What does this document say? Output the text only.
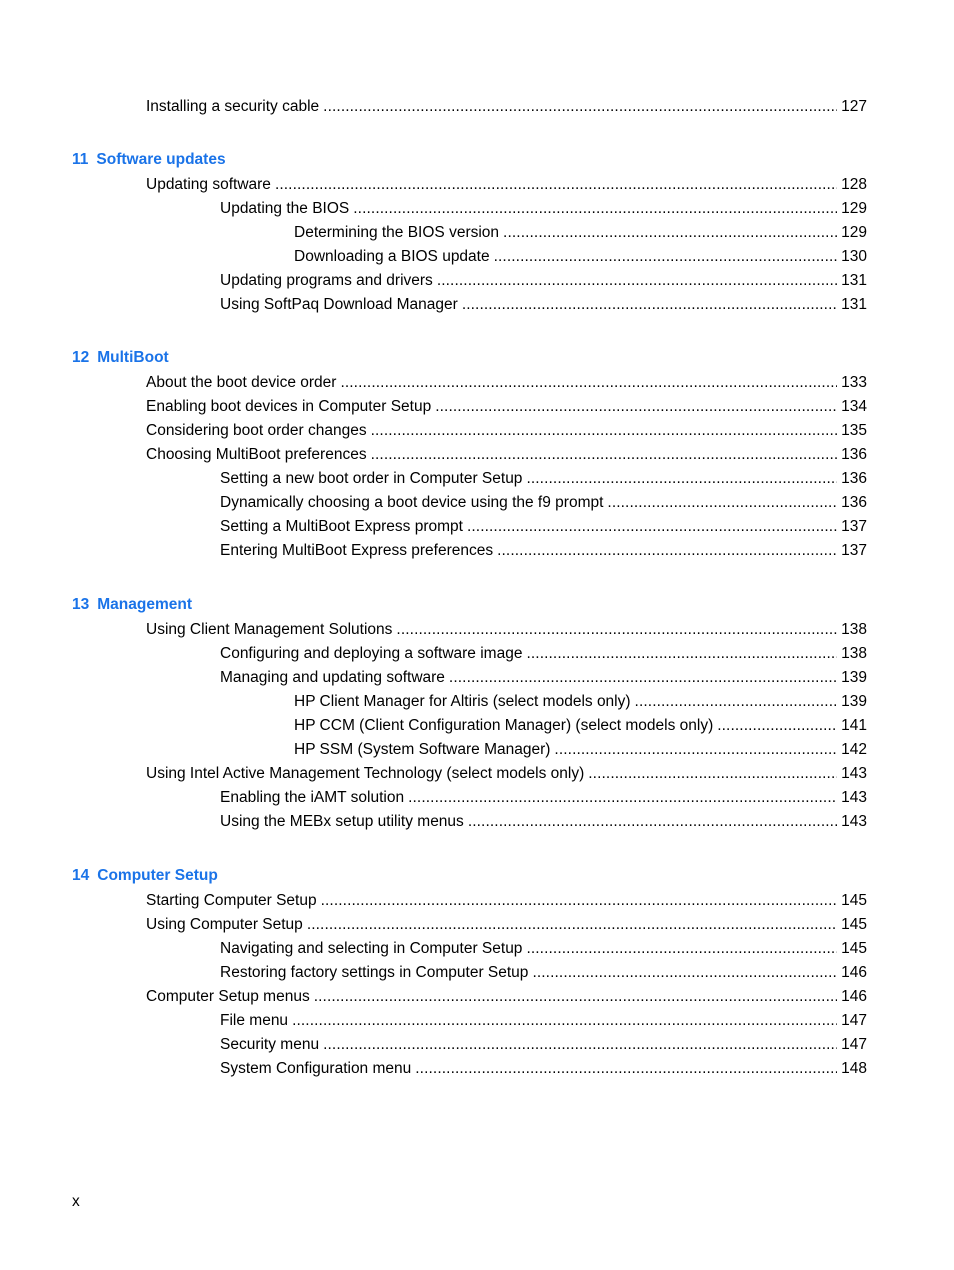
Installing a security cable . . .	127
11 Software updates
Updating software . . .	128
Updating the BIOS . . .	129
Determining the BIOS version . . .	129
Downloading a BIOS update . . .	130
Updating programs and drivers . . .	131
Using SoftPaq Download Manager . . .	131
12 MultiBoot
About the boot device order . . .	133
Enabling boot devices in Computer Setup . . .	134
Considering boot order changes . . .	135
Choosing MultiBoot preferences . . .	136
Setting a new boot order in Computer Setup . . .	136
Dynamically choosing a boot device using the f9 prompt . . .	136
Setting a MultiBoot Express prompt . . .	137
Entering MultiBoot Express preferences . . .	137
13 Management
Using Client Management Solutions . . .	138
Configuring and deploying a software image . . .	138
Managing and updating software . . .	139
HP Client Manager for Altiris (select models only) . . .	139
HP CCM (Client Configuration Manager) (select models only) . . .	141
HP SSM (System Software Manager) . . .	142
Using Intel Active Management Technology (select models only) . . .	143
Enabling the iAMT solution . . .	143
Using the MEBx setup utility menus . . .	143
14 Computer Setup
Starting Computer Setup . . .	145
Using Computer Setup . . .	145
Navigating and selecting in Computer Setup . . .	145
Restoring factory settings in Computer Setup . . .	146
Computer Setup menus . . .	146
File menu . . .	147
Security menu . . .	147
System Configuration menu . . .	148
x
